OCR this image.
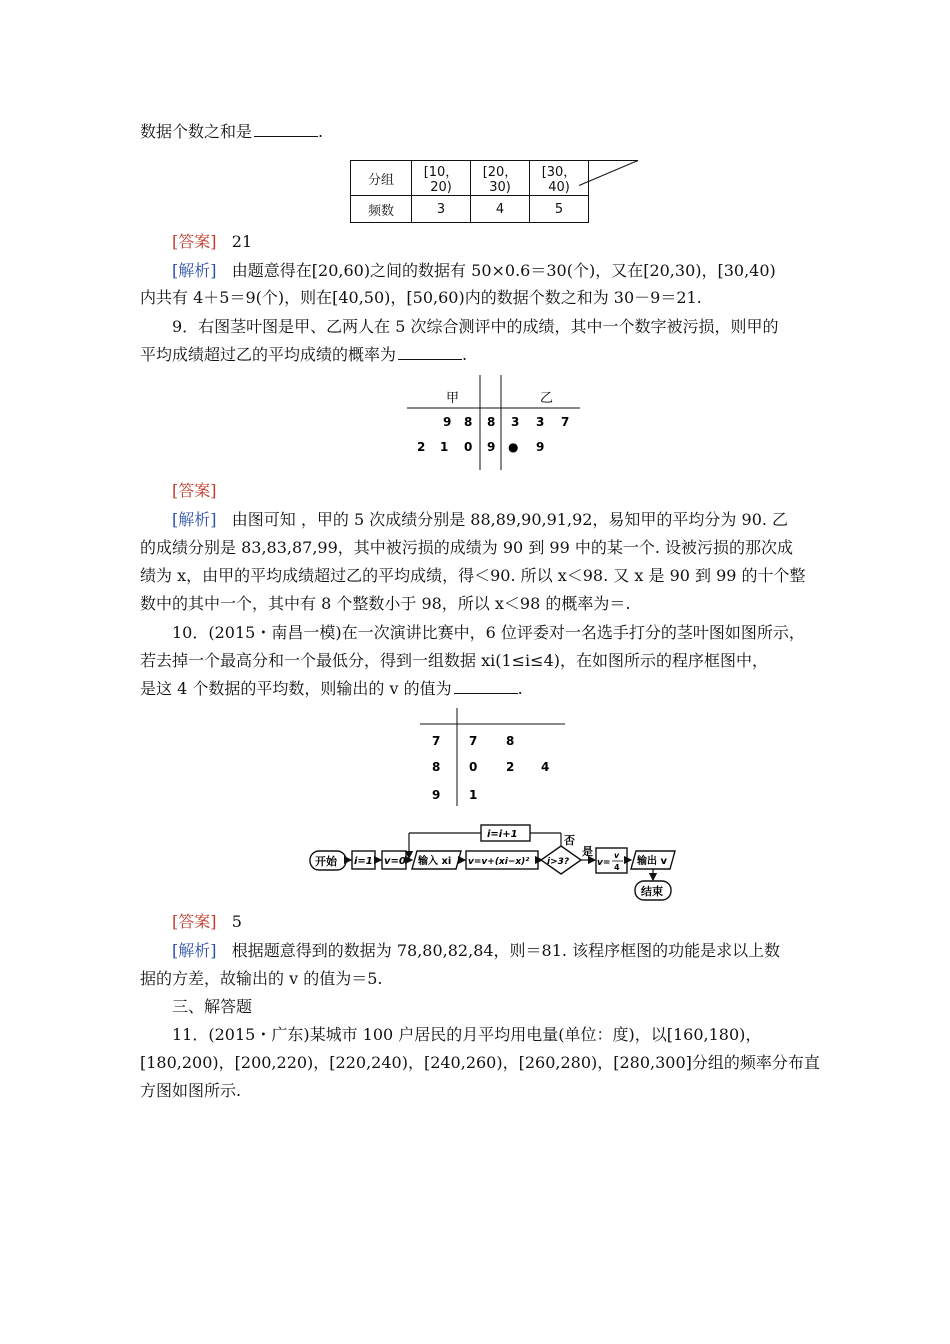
数据个数之和是	.
分组	[10，20)	[20，30)	[30，40)
频数	3	4	5
[答案] 21
[解析] 由题意得在[20,60)之间的数据有 50×0.6＝30(个)，又在[20,30)，[30,40)
内共有 4＋5＝9(个)，则在[40,50)，[50,60)内的数据个数之和为 30－9＝21.
9．右图茎叶图是甲、乙两人在 5 次综合测评中的成绩，其中一个数字被污损，则甲的
平均成绩超过乙的平均成绩的概率为	.
甲	乙
9 8 8 3 3 7
2 1 0 9 ● 9
[答案]
[解析] 由图可知 ，甲的 5 次成绩分别是 88,89,90,91,92，易知甲的平均分为 90. 乙
的成绩分别是 83,83,87,99，其中被污损的成绩为 90 到 99 中的某一个. 设被污损的那次成
绩为 x，由甲的平均成绩超过乙的平均成绩，得＜90. 所以 x＜98. 又 x 是 90 到 99 的十个整
数中的其中一个，其中有 8 个整数小于 98，所以 x＜98 的概率为＝.
10．(2015・南昌一模)在一次演讲比赛中，6 位评委对一名选手打分的茎叶图如图所示，
若去掉一个最高分和一个最低分，得到一组数据 xi(1≤i≤4)，在如图所示的程序框图中，
是这 4 个数据的平均数，则输出的 v 的值为	.
7 7 8
8 0 2 4
9 1
开始 i=1 v=0 输入 xi v=v+(xi−x)² i>3?
i=i+1	否
是
v=
v
4
输出 v
结束
[答案] 5
[解析] 根据题意得到的数据为 78,80,82,84，则＝81. 该程序框图的功能是求以上数
据的方差，故输出的 v 的值为＝5.
三、解答题
11．(2015・广东)某城市 100 户居民的月平均用电量(单位：度)，以[160,180)，
[180,200)，[200,220)，[220,240)，[240,260)，[260,280)，[280,300]分组的频率分布直
方图如图所示.
